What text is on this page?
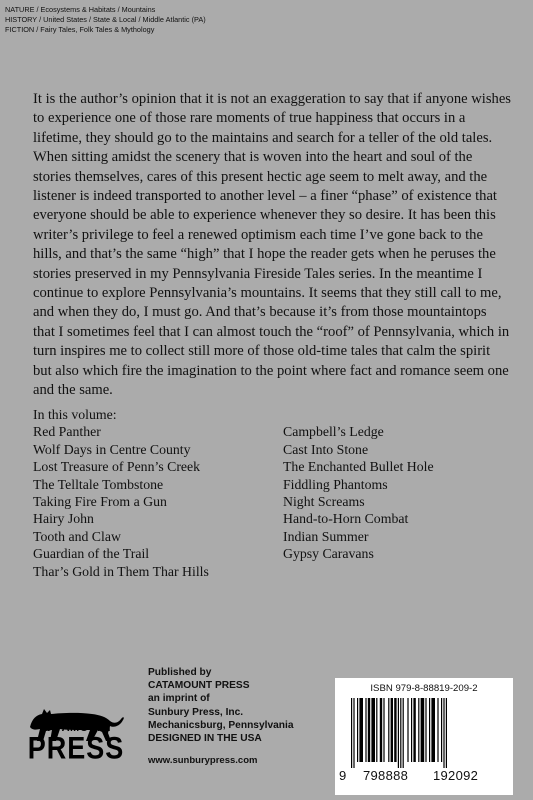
NATURE / Ecosystems & Habitats / Mountains
HISTORY / United States / State & Local / Middle Atlantic (PA)
FICTION / Fairy Tales, Folk Tales & Mythology

It is the author’s opinion that it is not an exaggeration to say that if anyone wishes to experience one of those rare moments of true happiness that occurs in a lifetime, they should go to the maintains and search for a teller of the old tales. When sitting amidst the scenery that is woven into the heart and soul of the stories themselves, cares of this present hectic age seem to melt away, and the listener is indeed transported to another level – a finer “phase” of existence that everyone should be able to experience whenever they so desire. It has been this writer’s privilege to feel a renewed optimism each time I’ve gone back to the hills, and that’s the same “high” that I hope the reader gets when he peruses the stories preserved in my Pennsylvania Fireside Tales series. In the meantime I continue to explore Pennsylvania’s mountains. It seems that they still call to me, and when they do, I must go. And that’s because it’s from those mountaintops that I sometimes feel that I can almost touch the “roof” of Pennsylvania, which in turn inspires me to collect still more of those old-time tales that calm the spirit but also which fire the imagination to the point where fact and romance seem one and the same.

In this volume:

Red Panther
Wolf Days in Centre County
Lost Treasure of Penn’s Creek
The Telltale Tombstone
Taking Fire From a Gun
Hairy John
Tooth and Claw
Guardian of the Trail
Thar’s Gold in Them Thar Hills
Campbell’s Ledge
Cast Into Stone
The Enchanted Bullet Hole
Fiddling Phantoms
Night Screams
Hand-to-Horn Combat
Indian Summer
Gypsy Caravans
CATAMOUNT
PRESS
Published by
CATAMOUNT PRESS
an imprint of
Sunbury Press, Inc.
Mechanicsburg, Pennsylvania
DESIGNED IN THE USA
www.sunburypress.com
ISBN 979-8-88819-209-2
9 798888 192092
